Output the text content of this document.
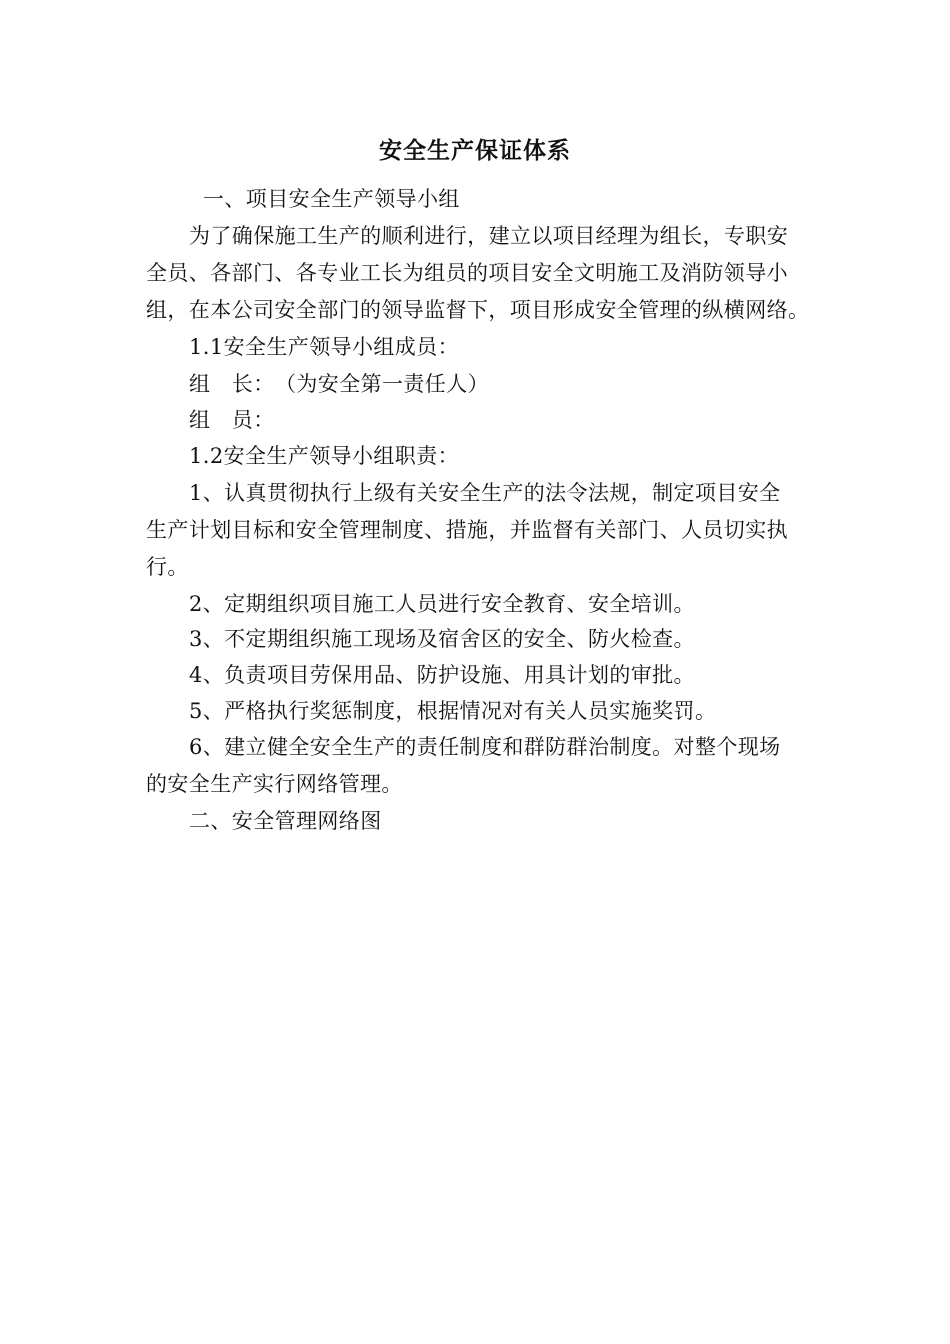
安全生产保证体系
一、项目安全生产领导小组
为了确保施工生产的顺利进行，建立以项目经理为组长，专职安
全员、各部门、各专业工长为组员的项目安全文明施工及消防领导小
组，在本公司安全部门的领导监督下，项目形成安全管理的纵横网络。
1.1安全生产领导小组成员：
组　长：　（为安全第一责任人）
组　员：
1.2安全生产领导小组职责：
1、认真贯彻执行上级有关安全生产的法令法规，制定项目安全
生产计划目标和安全管理制度、措施，并监督有关部门、人员切实执
行。
2、定期组织项目施工人员进行安全教育、安全培训。
3、不定期组织施工现场及宿舍区的安全、防火检查。
4、负责项目劳保用品、防护设施、用具计划的审批。
5、严格执行奖惩制度，根据情况对有关人员实施奖罚。
6、建立健全安全生产的责任制度和群防群治制度。对整个现场
的安全生产实行网络管理。
二、安全管理网络图
